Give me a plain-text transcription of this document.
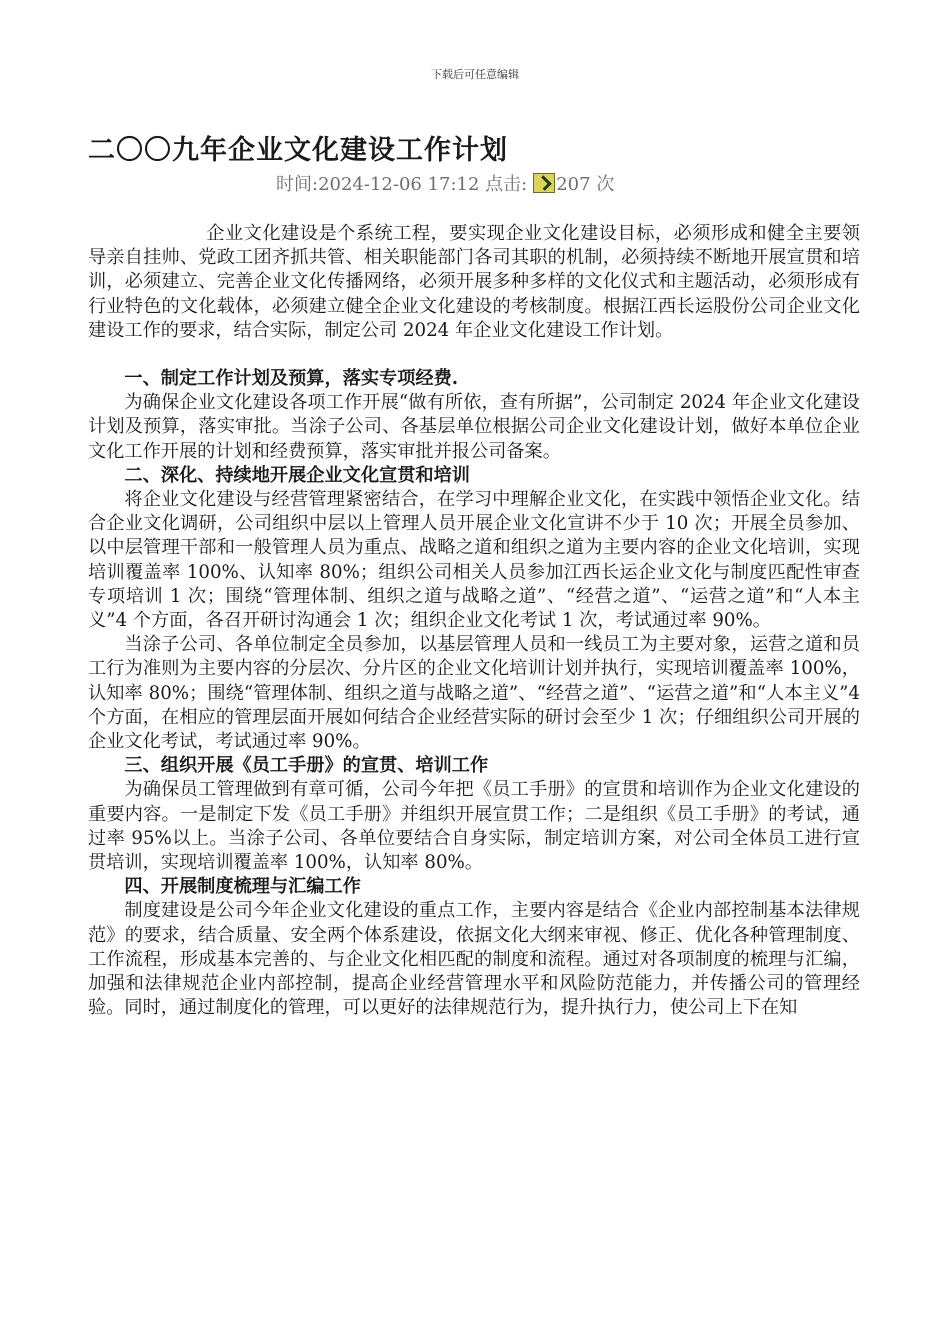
下载后可任意编辑
二〇〇九年企业文化建设工作计划
时间:2024-12-06 17:12 点击: 207 次

企业文化建设是个系统工程，要实现企业文化建设目标，必须形成和健全主要领导亲自挂帅、党政工团齐抓共管、相关职能部门各司其职的机制，必须持续不断地开展宣贯和培训，必须建立、完善企业文化传播网络，必须开展多种多样的文化仪式和主题活动，必须形成有行业特色的文化载体，必须建立健全企业文化建设的考核制度。根据江西长运股份公司企业文化建设工作的要求，结合实际，制定公司 2024 年企业文化建设工作计划。

一、制定工作计划及预算，落实专项经费.

为确保企业文化建设各项工作开展“做有所依，查有所据”，公司制定 2024 年企业文化建设计划及预算，落实审批。当涂子公司、各基层单位根据公司企业文化建设计划，做好本单位企业文化工作开展的计划和经费预算，落实审批并报公司备案。

二、深化、持续地开展企业文化宣贯和培训

将企业文化建设与经营管理紧密结合，在学习中理解企业文化，在实践中领悟企业文化。结合企业文化调研，公司组织中层以上管理人员开展企业文化宣讲不少于 10 次；开展全员参加、以中层管理干部和一般管理人员为重点、战略之道和组织之道为主要内容的企业文化培训，实现培训覆盖率 100%、认知率 80%；组织公司相关人员参加江西长运企业文化与制度匹配性审查专项培训 1 次；围绕“管理体制、组织之道与战略之道”、“经营之道”、“运营之道”和“人本主义”4 个方面，各召开研讨沟通会 1 次；组织企业文化考试 1 次，考试通过率 90%。

当涂子公司、各单位制定全员参加，以基层管理人员和一线员工为主要对象，运营之道和员工行为准则为主要内容的分层次、分片区的企业文化培训计划并执行，实现培训覆盖率 100%，认知率 80%；围绕“管理体制、组织之道与战略之道”、“经营之道”、“运营之道”和“人本主义”4 个方面，在相应的管理层面开展如何结合企业经营实际的研讨会至少 1 次；仔细组织公司开展的企业文化考试，考试通过率 90%。

三、组织开展《员工手册》的宣贯、培训工作

为确保员工管理做到有章可循，公司今年把《员工手册》的宣贯和培训作为企业文化建设的重要内容。一是制定下发《员工手册》并组织开展宣贯工作；二是组织《员工手册》的考试，通过率 95%以上。当涂子公司、各单位要结合自身实际，制定培训方案，对公司全体员工进行宣贯培训，实现培训覆盖率 100%，认知率 80%。

四、开展制度梳理与汇编工作

制度建设是公司今年企业文化建设的重点工作，主要内容是结合《企业内部控制基本法律规范》的要求，结合质量、安全两个体系建设，依据文化大纲来审视、修正、优化各种管理制度、工作流程，形成基本完善的、与企业文化相匹配的制度和流程。通过对各项制度的梳理与汇编，加强和法律规范企业内部控制，提高企业经营管理水平和风险防范能力，并传播公司的管理经验。同时，通过制度化的管理，可以更好的法律规范行为，提升执行力，使公司上下在知
